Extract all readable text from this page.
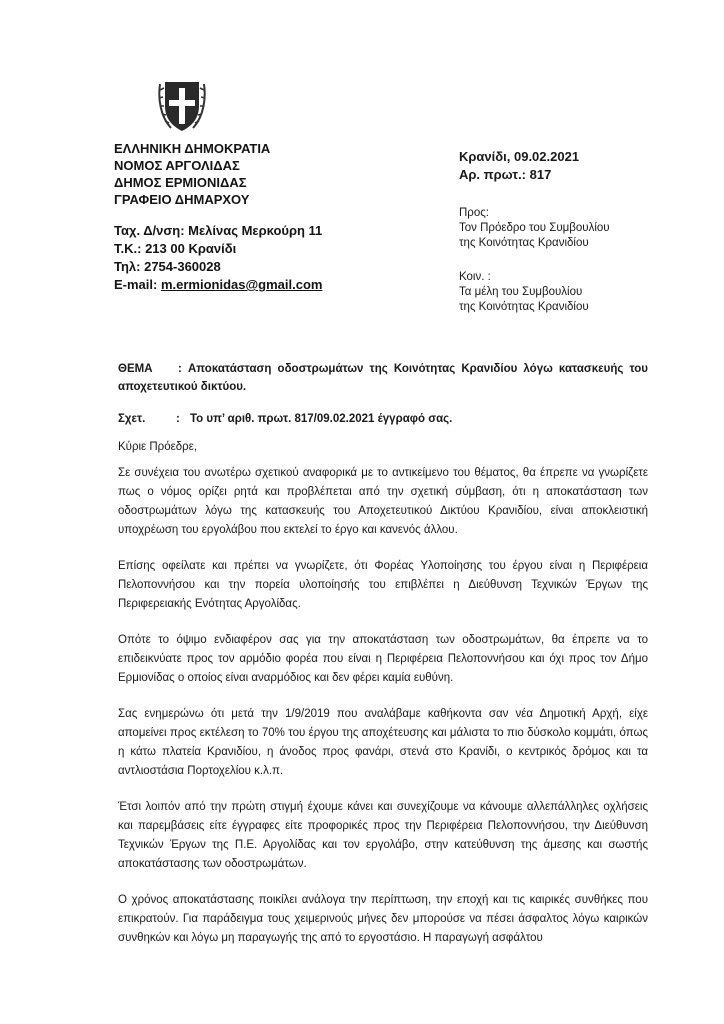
ΕΛΛΗΝΙΚΗ ΔΗΜΟΚΡΑΤΙΑ
ΝΟΜΟΣ ΑΡΓΟΛΙΔΑΣ
ΔΗΜΟΣ ΕΡΜΙΟΝΙΔΑΣ
ΓΡΑΦΕΙΟ ΔΗΜΑΡΧΟΥ
Ταχ. Δ/νση: Μελίνας Μερκούρη 11
Τ.Κ.: 213 00 Κρανίδι
Τηλ: 2754-360028
E-mail: m.ermionidas@gmail.com
Κρανίδι, 09.02.2021
Αρ. πρωτ.: 817
Προς:
Τον Πρόεδρο του Συμβουλίου
της Κοινότητας Κρανιδίου
Κοιν. :
Τα μέλη του Συμβουλίου
της Κοινότητας Κρανιδίου
ΘΕΜΑ	: Αποκατάσταση οδοστρωμάτων της Κοινότητας Κρανιδίου λόγω κατασκευής του
αποχετευτικού δικτύου.
Σχετ.	: Το υπ’ αριθ. πρωτ. 817/09.02.2021 έγγραφό σας.
Κύριε Πρόεδρε,

Σε συνέχεια του ανωτέρω σχετικού αναφορικά με το αντικείμενο του θέματος, θα έπρεπε να γνωρίζετε πως ο νόμος ορίζει ρητά και προβλέπεται από την σχετική σύμβαση, ότι η αποκατάσταση των οδοστρωμάτων λόγω της κατασκευής του Αποχετευτικού Δικτύου Κρανιδίου, είναι αποκλειστική υποχρέωση του εργολάβου που εκτελεί το έργο και κανενός άλλου.

Επίσης οφείλατε και πρέπει να γνωρίζετε, ότι Φορέας Υλοποίησης του έργου είναι η Περιφέρεια Πελοποννήσου και την πορεία υλοποίησής του επιβλέπει η Διεύθυνση Τεχνικών Έργων της Περιφερειακής Ενότητας Αργολίδας.

Οπότε το όψιμο ενδιαφέρον σας για την αποκατάσταση των οδοστρωμάτων, θα έπρεπε να το επιδεικνύατε προς τον αρμόδιο φορέα που είναι η Περιφέρεια Πελοποννήσου και όχι προς τον Δήμο Ερμιονίδας ο οποίος είναι αναρμόδιος και δεν φέρει καμία ευθύνη.

Σας ενημερώνω ότι μετά την 1/9/2019 που αναλάβαμε καθήκοντα σαν νέα Δημοτική Αρχή, είχε απομείνει προς εκτέλεση το 70% του έργου της αποχέτευσης και μάλιστα το πιο δύσκολο κομμάτι, όπως η κάτω πλατεία Κρανιδίου, η άνοδος προς φανάρι, στενά στο Κρανίδι, ο κεντρικός δρόμος και τα αντλιοστάσια Πορτοχελίου κ.λ.π.

Έτσι λοιπόν από την πρώτη στιγμή έχουμε κάνει και συνεχίζουμε να κάνουμε αλλεπάλληλες οχλήσεις και παρεμβάσεις είτε έγγραφες είτε προφορικές προς την Περιφέρεια Πελοποννήσου, την Διεύθυνση Τεχνικών Έργων της Π.Ε. Αργολίδας και τον εργολάβο, στην κατεύθυνση της άμεσης και σωστής αποκατάστασης των οδοστρωμάτων.

Ο χρόνος αποκατάστασης ποικίλει ανάλογα την περίπτωση, την εποχή και τις καιρικές συνθήκες που επικρατούν. Για παράδειγμα τους χειμερινούς μήνες δεν μπορούσε να πέσει άσφαλτος λόγω καιρικών συνθηκών και λόγω μη παραγωγής της από το εργοστάσιο. Η παραγωγή ασφάλτου
